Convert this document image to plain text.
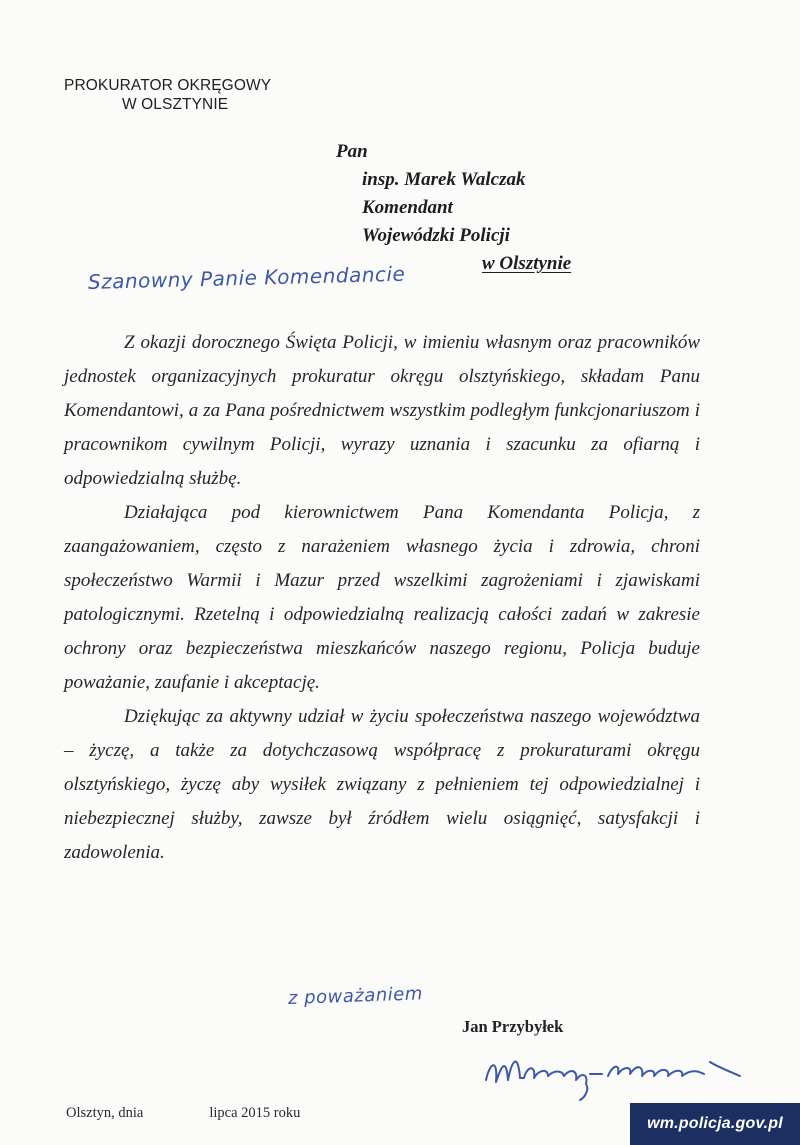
PROKURATOR OKRĘGOWY
W OLSZTYNIE
Pan
insp. Marek Walczak
Komendant
Wojewódzki Policji
w Olsztynie
Szanowny Panie Komendancie

Z okazji dorocznego Święta Policji, w imieniu własnym oraz pracowników jednostek organizacyjnych prokuratur okręgu olsztyńskiego, składam Panu Komendantowi, a za Pana pośrednictwem wszystkim podległym funkcjonariuszom i pracownikom cywilnym Policji, wyrazy uznania i szacunku za ofiarną i odpowiedzialną służbę.

Działająca pod kierownictwem Pana Komendanta Policja, z zaangażowaniem, często z narażeniem własnego życia i zdrowia, chroni społeczeństwo Warmii i Mazur przed wszelkimi zagrożeniami i zjawiskami patologicznymi. Rzetelną i odpowiedzialną realizacją całości zadań w zakresie ochrony oraz bezpieczeństwa mieszkańców naszego regionu, Policja buduje poważanie, zaufanie i akceptację.

Dziękując za aktywny udział w życiu społeczeństwa naszego województwa – życzę, a także za dotychczasową współpracę z prokuraturami okręgu olsztyńskiego, życzę aby wysiłek związany z pełnieniem tej odpowiedzialnej i niebezpiecznej służby, zawsze był źródłem wielu osiągnięć, satysfakcji i zadowolenia.

z poważaniem
Jan Przybyłek
Olsztyn, dnia	lipca 2015 roku
wm.policja.gov.pl
